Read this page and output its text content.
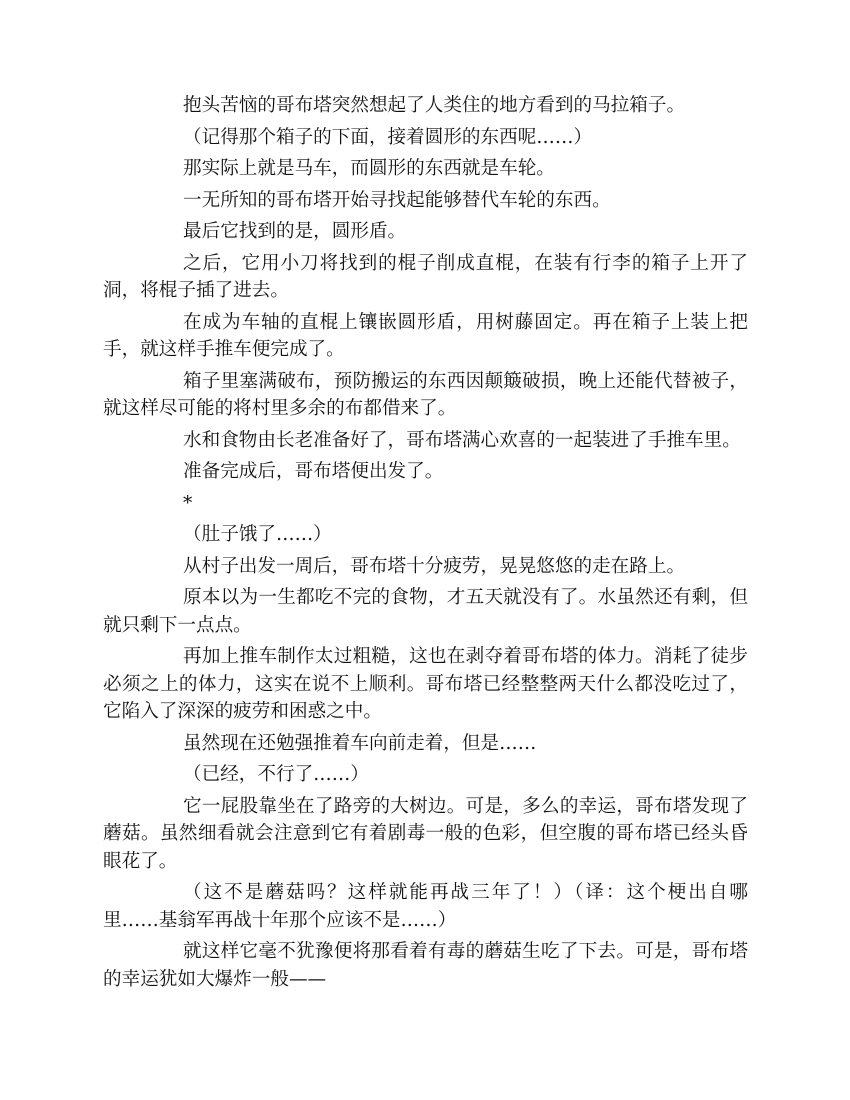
抱头苦恼的哥布塔突然想起了人类住的地方看到的马拉箱子。

（记得那个箱子的下面，接着圆形的东西呢……）

那实际上就是马车，而圆形的东西就是车轮。

一无所知的哥布塔开始寻找起能够替代车轮的东西。

最后它找到的是，圆形盾。

之后，它用小刀将找到的棍子削成直棍，在装有行李的箱子上开了洞，将棍子插了进去。

在成为车轴的直棍上镶嵌圆形盾，用树藤固定。再在箱子上装上把手，就这样手推车便完成了。

箱子里塞满破布，预防搬运的东西因颠簸破损，晚上还能代替被子，就这样尽可能的将村里多余的布都借来了。

水和食物由长老准备好了，哥布塔满心欢喜的一起装进了手推车里。

准备完成后，哥布塔便出发了。

*

（肚子饿了……）

从村子出发一周后，哥布塔十分疲劳，晃晃悠悠的走在路上。

原本以为一生都吃不完的食物，才五天就没有了。水虽然还有剩，但就只剩下一点点。

再加上推车制作太过粗糙，这也在剥夺着哥布塔的体力。消耗了徒步必须之上的体力，这实在说不上顺利。哥布塔已经整整两天什么都没吃过了，它陷入了深深的疲劳和困惑之中。

虽然现在还勉强推着车向前走着，但是……

（已经，不行了……）

它一屁股靠坐在了路旁的大树边。可是，多么的幸运，哥布塔发现了蘑菇。虽然细看就会注意到它有着剧毒一般的色彩，但空腹的哥布塔已经头昏眼花了。

（这不是蘑菇吗？这样就能再战三年了！）（译：这个梗出自哪里……基翁军再战十年那个应该不是……）

就这样它毫不犹豫便将那看着有毒的蘑菇生吃了下去。可是，哥布塔的幸运犹如大爆炸一般——
